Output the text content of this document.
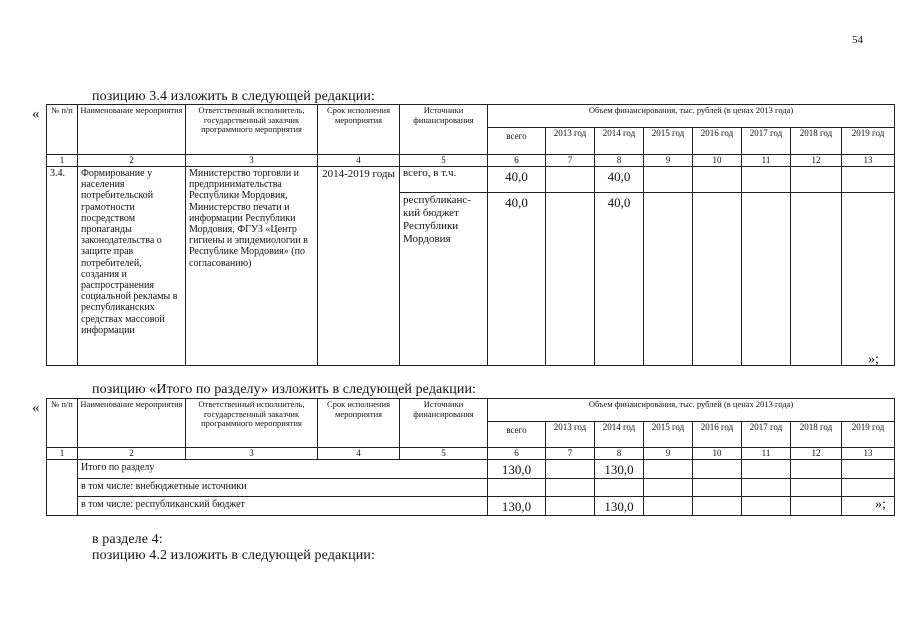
54
позицию 3.4 изложить в следующей редакции:
« № п/п	Наименование мероприятия	Ответственный исполнитель, государственный заказчик программного мероприятия	Срок исполнения мероприятия	Источники финансирования	Объем финансирования, тыс. рублей (в ценах 2013 года)							
					всего	2013 год	2014 год	2015 год	2016 год	2017 год	2018 год	2019 год
1	2	3	4	5	6	7	8	9	10	11	12	13
3.4.	Формирование у населения потребительской грамотности посредством пропаганды законодательства о защите прав потребителей, создания и распространения социальной рекламы в республиканских средствах массовой информации	Министерство торговли и предпринимательства Республики Мордовия, Министерство печати и информации Республики Мордовия, ФГУЗ «Центр гигиены и эпидемиологии в Республике Мордовия» (по согласованию)	2014-2019 годы	всего, в т.ч.	40,0		40,0					
				республиканс-кий бюджет Республики Мордовия	40,0		40,0					
»;
позицию «Итого по разделу» изложить в следующей редакции:
« № п/п	Наименование мероприятия	Ответственный исполнитель, государственный заказчик программного мероприятия	Срок исполнения мероприятия	Источники финансирования	Объем финансирования, тыс. рублей (в ценах 2013 года)							
					всего	2013 год	2014 год	2015 год	2016 год	2017 год	2018 год	2019 год
1	2	3	4	5	6	7	8	9	10	11	12	13
	Итого по разделу				130,0		130,0					
	в том числе: внебюджетные источники											
	в том числе: республиканский бюджет				130,0		130,0						»;
в разделе 4:
позицию 4.2 изложить в следующей редакции:
